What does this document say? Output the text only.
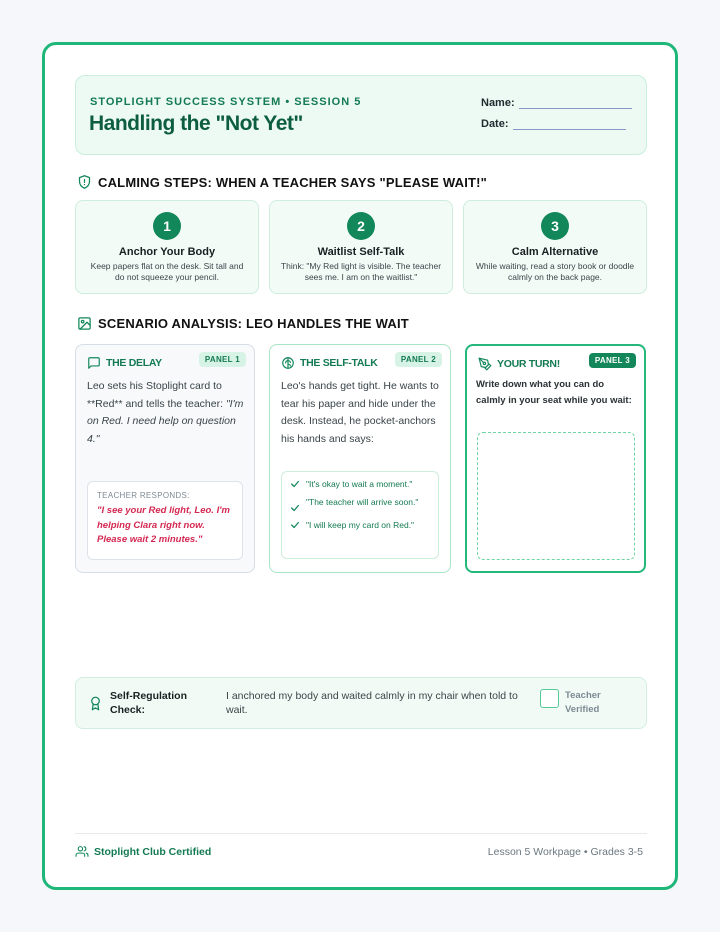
STOPLIGHT SUCCESS SYSTEM • SESSION 5
Handling the "Not Yet"
Name:
Date:
CALMING STEPS: WHEN A TEACHER SAYS "PLEASE WAIT!"
1
Anchor Your Body
Keep papers flat on the desk. Sit tall and do not squeeze your pencil.
2
Waitlist Self-Talk
Think: "My Red light is visible. The teacher sees me. I am on the waitlist."
3
Calm Alternative
While waiting, read a story book or doodle calmly on the back page.
SCENARIO ANALYSIS: LEO HANDLES THE WAIT
THE DELAY	PANEL 1
Leo sets his Stoplight card to **Red** and tells the teacher: "I'm on Red. I need help on question 4."
TEACHER RESPONDS:
"I see your Red light, Leo. I'm helping Clara right now. Please wait 2 minutes."
THE SELF-TALK	PANEL 2
Leo's hands get tight. He wants to tear his paper and hide under the desk. Instead, he pocket-anchors his hands and says:
"It's okay to wait a moment."
"The teacher will arrive soon."
"I will keep my card on Red."
YOUR TURN!	PANEL 3
Write down what you can do calmly in your seat while you wait:
Self-Regulation Check:
I anchored my body and waited calmly in my chair when told to wait.
Teacher Verified
Stoplight Club Certified	Lesson 5 Workpage • Grades 3-5
